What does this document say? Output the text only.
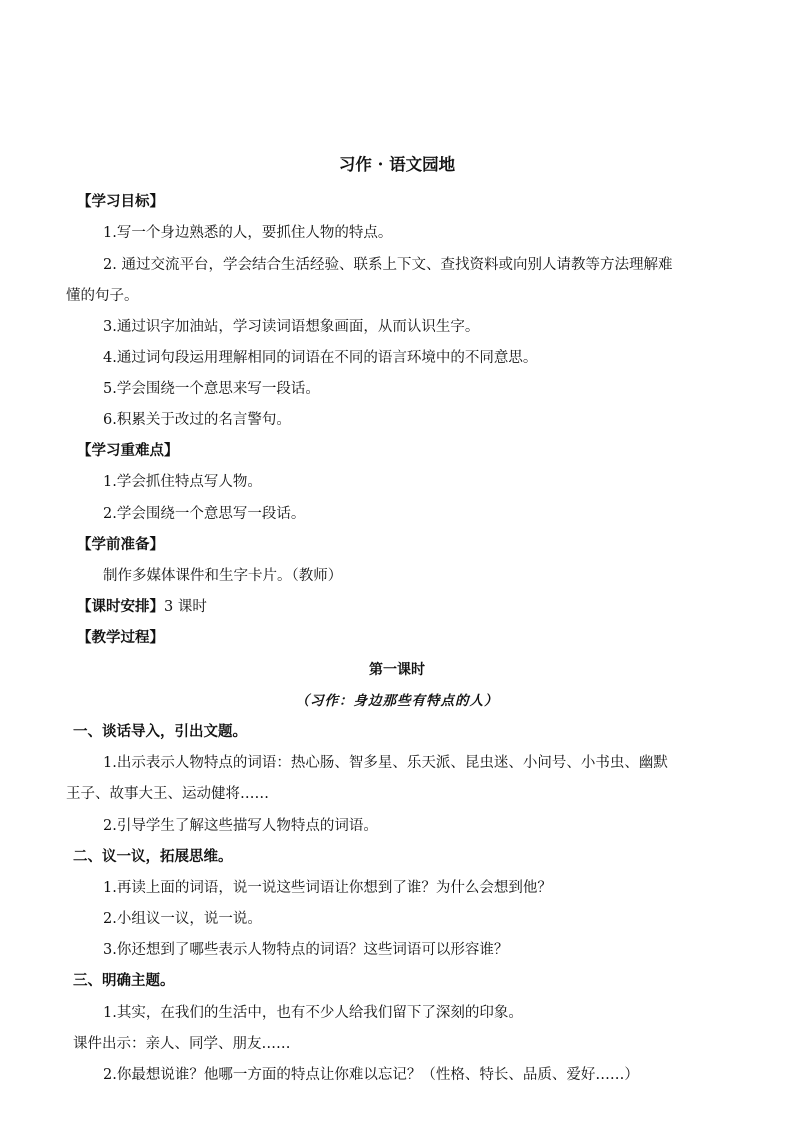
习作 · 语文园地
【学习目标】
1.写一个身边熟悉的人，要抓住人物的特点。
2. 通过交流平台，学会结合生活经验、联系上下文、查找资料或向别人请教等方法理解难
懂的句子。
3.通过识字加油站，学习读词语想象画面，从而认识生字。
4.通过词句段运用理解相同的词语在不同的语言环境中的不同意思。
5.学会围绕一个意思来写一段话。
6.积累关于改过的名言警句。
【学习重难点】
1.学会抓住特点写人物。
2.学会围绕一个意思写一段话。
【学前准备】
制作多媒体课件和生字卡片。（教师）
【课时安排】3 课时
【教学过程】
第一课时
（习作：身边那些有特点的人）
一、谈话导入，引出文题。
1.出示表示人物特点的词语：热心肠、智多星、乐天派、昆虫迷、小问号、小书虫、幽默
王子、故事大王、运动健将……
2.引导学生了解这些描写人物特点的词语。
二、议一议，拓展思维。
1.再读上面的词语，说一说这些词语让你想到了谁？为什么会想到他？
2.小组议一议，说一说。
3.你还想到了哪些表示人物特点的词语？这些词语可以形容谁？
三、明确主题。
1.其实，在我们的生活中，也有不少人给我们留下了深刻的印象。
课件出示：亲人、同学、朋友……
2.你最想说谁？他哪一方面的特点让你难以忘记？（性格、特长、品质、爱好……）
